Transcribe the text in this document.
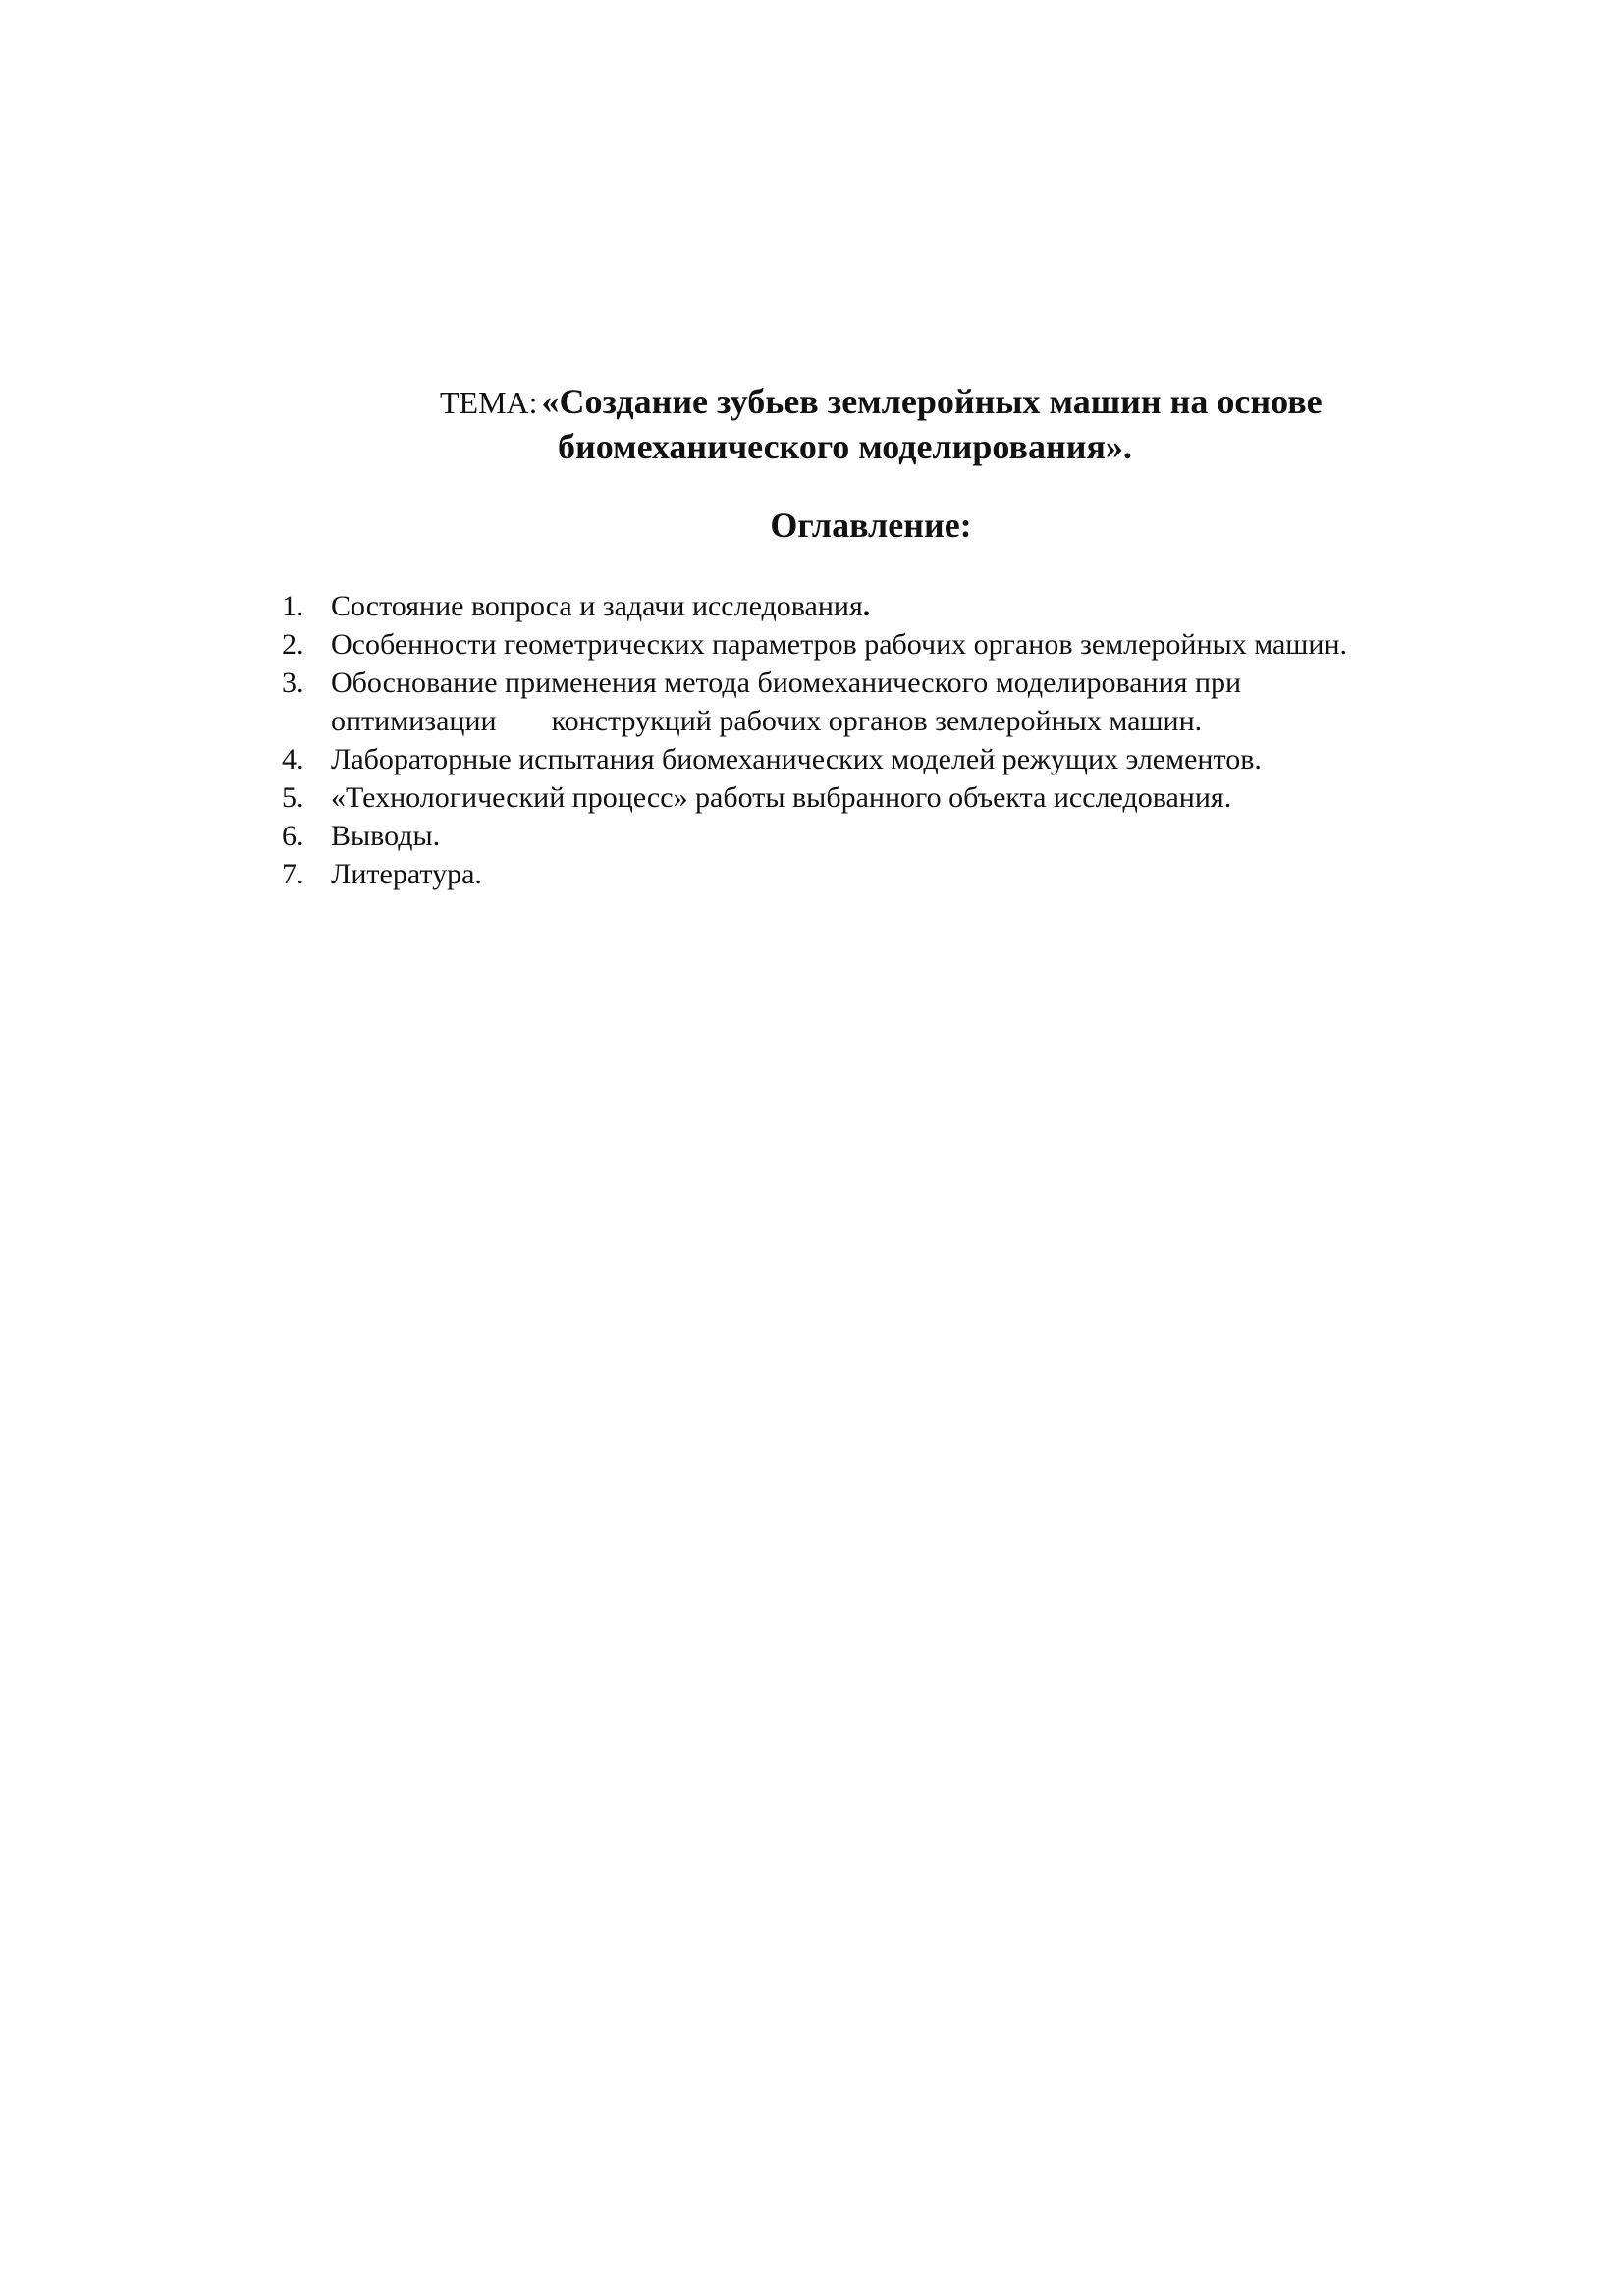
ТЕМА: «Создание зубьев землеройных машин на основе
биомеханического моделирования».
Оглавление:
1. Состояние вопроса и задачи исследования.
2. Особенности геометрических параметров рабочих органов землеройных машин.
3. Обоснование применения метода биомеханического моделирования при
оптимизации конструкций рабочих органов землеройных машин.
4. Лабораторные испытания биомеханических моделей режущих элементов.
5. «Технологический процесс» работы выбранного объекта исследования.
6. Выводы.
7. Литература.
